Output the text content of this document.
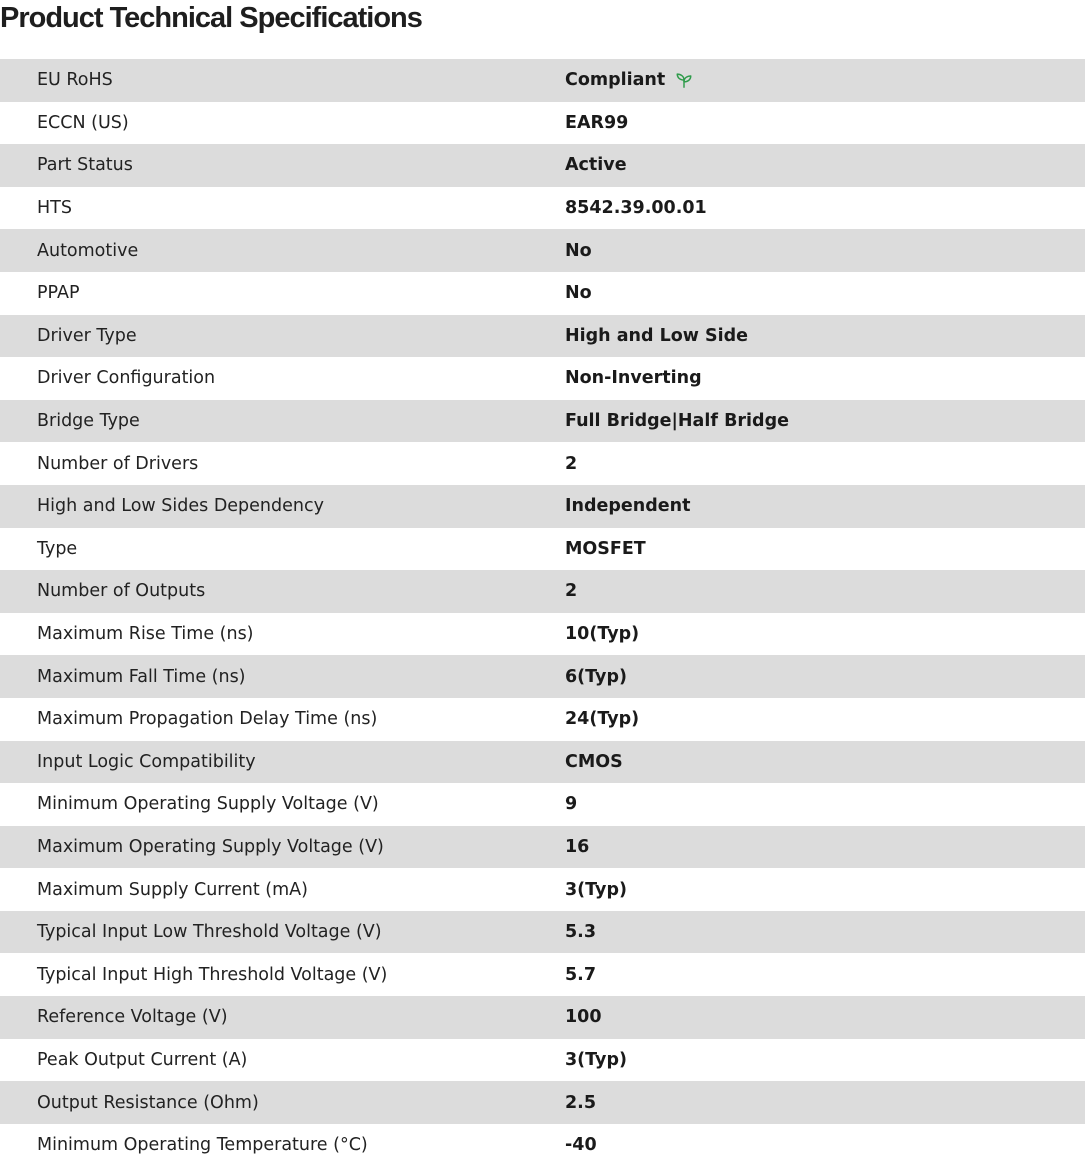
Product Technical Specifications
EU RoHS	Compliant
ECCN (US)	EAR99
Part Status	Active
HTS	8542.39.00.01
Automotive	No
PPAP	No
Driver Type	High and Low Side
Driver Configuration	Non-Inverting
Bridge Type	Full Bridge|Half Bridge
Number of Drivers	2
High and Low Sides Dependency	Independent
Type	MOSFET
Number of Outputs	2
Maximum Rise Time (ns)	10(Typ)
Maximum Fall Time (ns)	6(Typ)
Maximum Propagation Delay Time (ns)	24(Typ)
Input Logic Compatibility	CMOS
Minimum Operating Supply Voltage (V)	9
Maximum Operating Supply Voltage (V)	16
Maximum Supply Current (mA)	3(Typ)
Typical Input Low Threshold Voltage (V)	5.3
Typical Input High Threshold Voltage (V)	5.7
Reference Voltage (V)	100
Peak Output Current (A)	3(Typ)
Output Resistance (Ohm)	2.5
Minimum Operating Temperature (°C)	-40
